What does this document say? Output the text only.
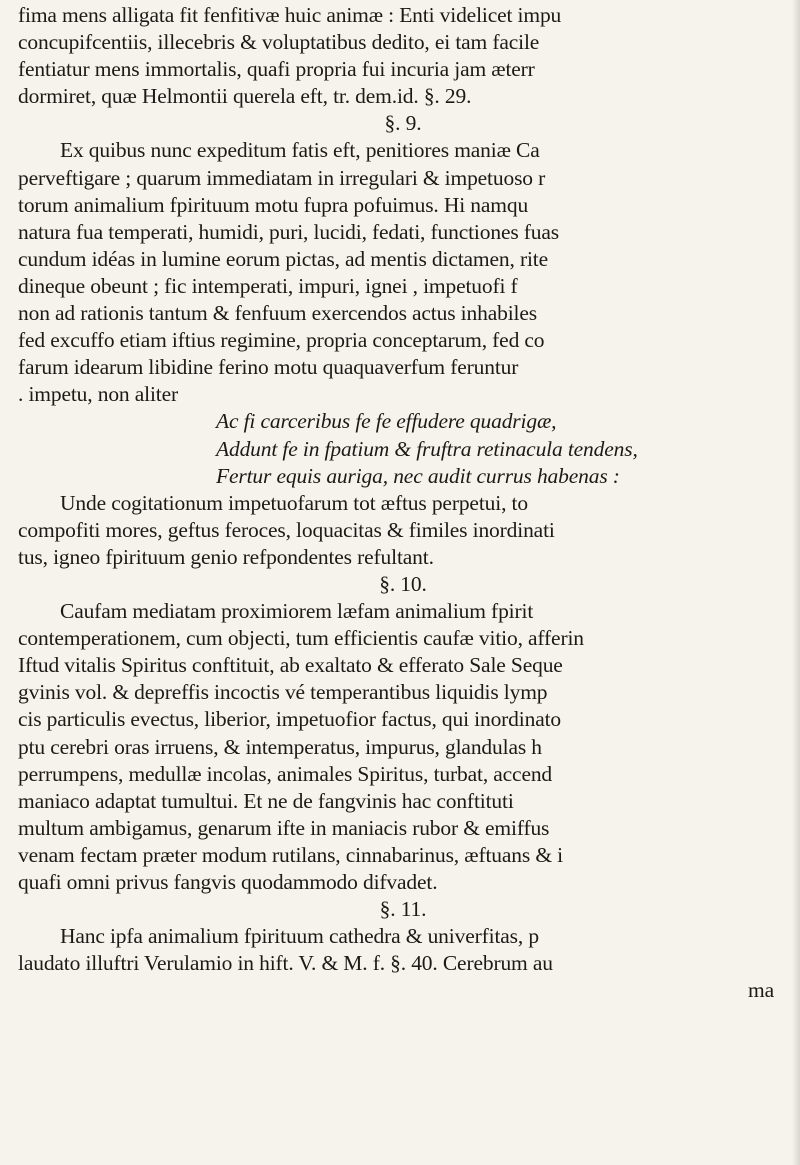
fima mens alligata fit fenfitivæ huic animæ : Enti videlicet impu
concupifcentiis, illecebris & voluptatibus dedito, ei tam facile
fentiatur mens immortalis, quafi propria fui incuria jam æterr
dormiret, quæ Helmontii querela eft, tr. dem.id. §. 29.
§. 9.
Ex quibus nunc expeditum fatis eft, penitiores maniæ Ca
perveftigare ; quarum immediatam in irregulari & impetuoso r
torum animalium fpirituum motu fupra pofuimus. Hi namqu
natura fua temperati, humidi, puri, lucidi, fedati, functiones fuas
cundum idéas in lumine eorum pictas, ad mentis dictamen, rite
dineque obeunt ; fic intemperati, impuri, ignei , impetuofi f
non ad rationis tantum & fenfuum exercendos actus inhabiles
fed excuffo etiam iftius regimine, propria conceptarum, fed co
farum idearum libidine ferino motu quaquaverfum feruntur
. impetu, non aliter
Ac fi carceribus fe fe effudere quadrigæ,
Addunt fe in fpatium & fruftra retinacula tendens,
Fertur equis auriga, nec audit currus habenas :
Unde cogitationum impetuofarum tot æftus perpetui, to
compofiti mores, geftus feroces, loquacitas & fimiles inordinati
tus, igneo fpirituum genio refpondentes refultant.
§. 10.
Caufam mediatam proximiorem læfam animalium fpirit
contemperationem, cum objecti, tum efficientis caufæ vitio, afferin
Iftud vitalis Spiritus conftituit, ab exaltato & efferato Sale Seque
gvinis vol. & depreffis incoctis vé temperantibus liquidis lymp
cis particulis evectus, liberior, impetuofior factus, qui inordinato
ptu cerebri oras irruens, & intemperatus, impurus, glandulas h
perrumpens, medullæ incolas, animales Spiritus, turbat, accend
maniaco adaptat tumultui. Et ne de fangvinis hac conftituti
multum ambigamus, genarum ifte in maniacis rubor & emiffus
venam fectam præter modum rutilans, cinnabarinus, æftuans & i
quafi omni privus fangvis quodammodo difvadet.
§. 11.
Hanc ipfa animalium fpirituum cathedra & univerfitas, p
laudato illuftri Verulamio in hift. V. & M. f. §. 40. Cerebrum au
ma
